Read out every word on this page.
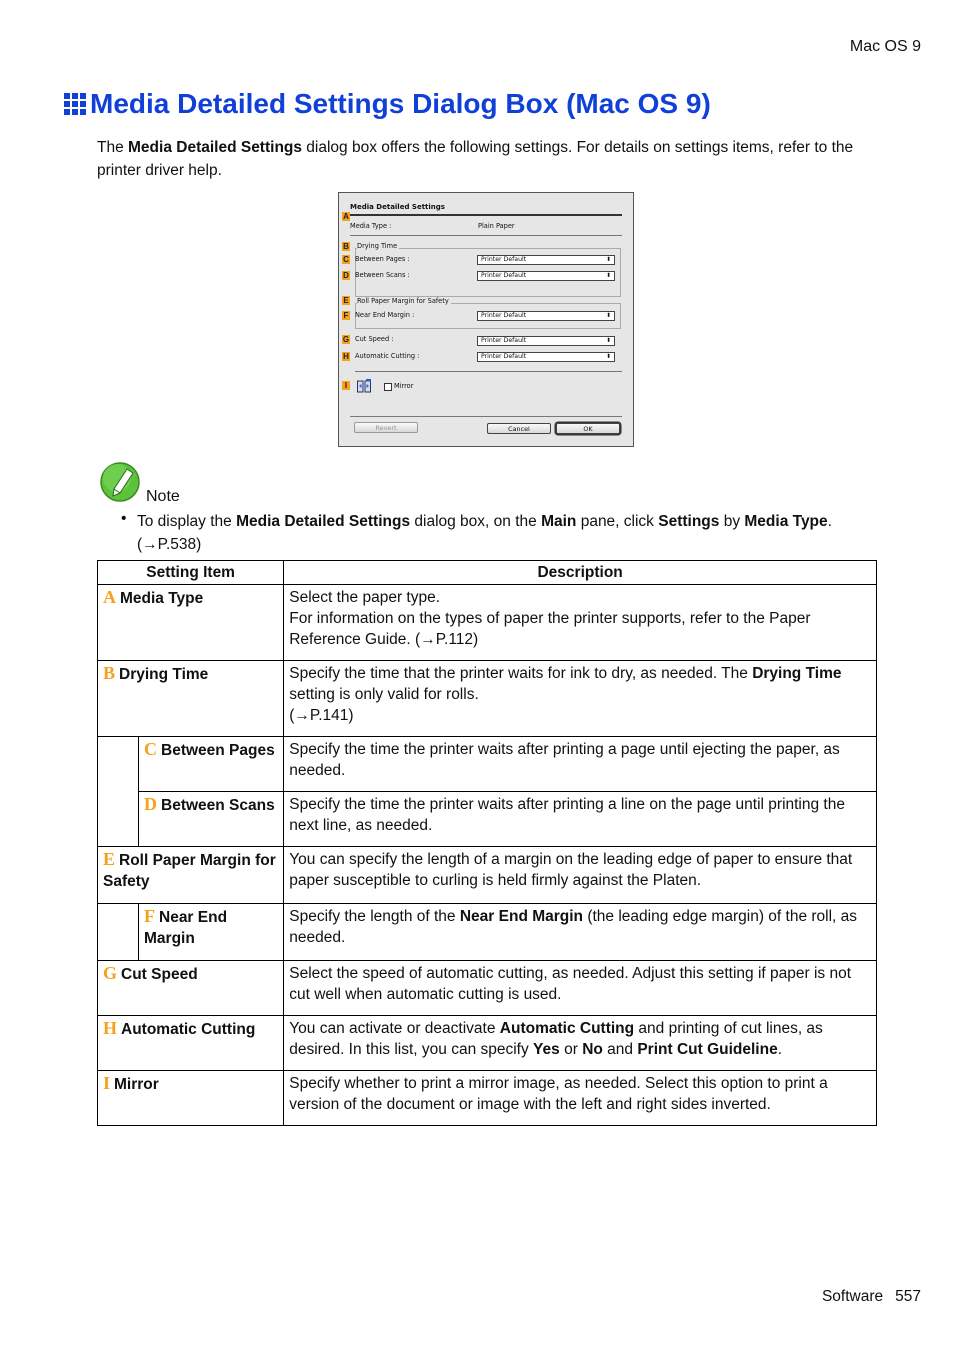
Mac OS 9
Media Detailed Settings Dialog Box (Mac OS 9)

The Media Detailed Settings dialog box offers the following settings. For details on settings items, refer to the printer driver help.

Media Detailed Settings
A
Media Type :	Plain Paper
B Drying Time
C Between Pages :	Printer Default	⬍
D Between Scans :	Printer Default	⬍
E Roll Paper Margin for Safety
F Near End Margin :	Printer Default	⬍
G Cut Speed :	Printer Default	⬍
H Automatic Cutting :	Printer Default	⬍
I	Mirror
Revert	Cancel	OK
Note
• To display the Media Detailed Settings dialog box, on the Main pane, click Settings by Media Type. (→P.538)

Setting Item		Description
A Media Type		Select the paper type.
For information on the types of paper the printer supports, refer to the Paper Reference Guide. (→P.112)

B Drying Time		Specify the time that the printer waits for ink to dry, as needed. The Drying Time setting is only valid for rolls.
(→P.141)

	C Between Pages	Specify the time the printer waits after printing a page until ejecting the paper, as needed.
	D Between Scans	Specify the time the printer waits after printing a line on the page until printing the next line, as needed.
E Roll Paper Margin for Safety		You can specify the length of a margin on the leading edge of paper to ensure that paper susceptible to curling is held firmly against the Platen.
	F Near End Margin	Specify the length of the Near End Margin (the leading edge margin) of the roll, as needed.
G Cut Speed		Select the speed of automatic cutting, as needed. Adjust this setting if paper is not cut well when automatic cutting is used.
H Automatic Cutting		You can activate or deactivate Automatic Cutting and printing of cut lines, as desired. In this list, you can specify Yes or No and Print Cut Guideline.
I Mirror		Specify whether to print a mirror image, as needed. Select this option to print a version of the document or image with the left and right sides inverted.
Software 557
